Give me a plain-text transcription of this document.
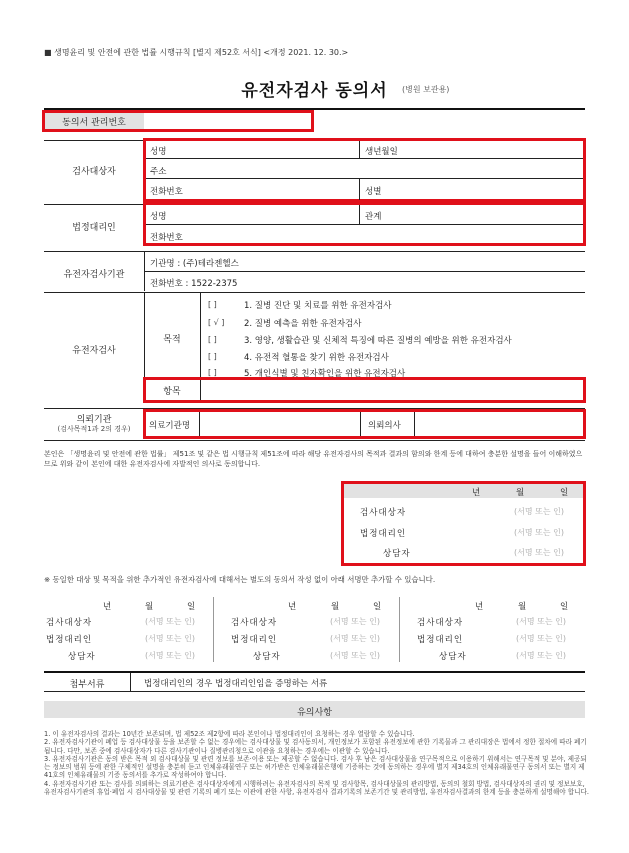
■ 생명윤리 및 안전에 관한 법률 시행규칙 [별지 제52호 서식] <개정 2021. 12. 30.>
유전자검사 동의서	(병원 보관용)
동의서 관리번호
검사대상자
성명	생년월일
주소
전화번호	성별
법정대리인
성명	관계
전화번호
유전자검사기관
기관명 : (주)테라젠헬스
전화번호 : 1522-2375
유전자검사
목적
[ ]	1. 질병 진단 및 치료를 위한 유전자검사
[ √ ] 2. 질병 예측을 위한 유전자검사
[ ]	3. 영양, 생활습관 및 신체적 특징에 따른 질병의 예방을 위한 유전자검사
[ ]	4. 유전적 혈통을 찾기 위한 유전자검사
[ ]	5. 개인식별 및 친자확인을 위한 유전자검사
항목
의뢰기관
(검사목적1과 2의 경우)	의료기관명	의뢰의사
본인은 「생명윤리 및 안전에 관한 법률」 제51조 및 같은 법 시행규칙 제51조에 따라 해당 유전자검사의 목적과 결과의 함의와 한계 등에 대하여 충분한 설명을 들어 이해하였으므로 위와 같이 본인에 대한 유전자검사에 자발적인 의사로 동의합니다.
년	월	일
검사대상자	(서명 또는 인)
법정대리인	(서명 또는 인)
상담자	(서명 또는 인)
※ 동일한 대상 및 목적을 위한 추가적인 유전자검사에 대해서는 별도의 동의서 작성 없이 아래 서명만 추가할 수 있습니다.
년	월	일
검사대상자	(서명 또는 인)
법정대리인	(서명 또는 인)
상담자	(서명 또는 인)
년	월	일
검사대상자	(서명 또는 인)
법정대리인	(서명 또는 인)
상담자	(서명 또는 인)
년	월	일
검사대상자	(서명 또는 인)
법정대리인	(서명 또는 인)
상담자	(서명 또는 인)
첨부서류	법정대리인의 경우 법정대리인임을 증명하는 서류
유의사항

1. 이 유전자검사의 결과는 10년간 보존되며, 법 제52조 제2항에 따라 본인이나 법정대리인이 요청하는 경우 열람할 수 있습니다.

2. 유전자검사기관이 폐업 등 검사대상물 등을 보존할 수 없는 경우에는 검사대상물 및 검사동의서, 개인정보가 포함된 유전정보에 관한 기록물과 그 관리대장은 법에서 정한 절차에 따라 폐기됩니다. 다만, 보존 중에 검사대상자가 다른 검사기관이나 질병관리청으로 이관을 요청하는 경우에는 이관할 수 있습니다.

3. 유전자검사기관은 동의 받은 목적 외 검사대상물 및 관련 정보를 보존·이용 또는 제공할 수 없습니다. 검사 후 남은 검사대상물을 연구목적으로 이용하기 위해서는 연구목적 및 분야, 제공되는 정보의 범위 등에 관한 구체적인 설명을 충분히 듣고 인체유래물연구 또는 허가받은 인체유래물은행에 기증하는 것에 동의하는 경우에 별지 제34호의 인체유래물연구 동의서 또는 별지 제41호의 인체유래물의 기증 동의서를 추가로 작성하여야 합니다.

4. 유전자검사기관 또는 검사를 의뢰하는 의료기관은 검사대상자에게 시행하려는 유전자검사의 목적 및 검사항목, 검사대상물의 관리방법, 동의의 철회 방법, 검사대상자의 권리 및 정보보호, 유전자검사기관의 휴업·폐업 시 검사대상물 및 관련 기록의 폐기 또는 이관에 관한 사항, 유전자검사 결과기록의 보존기간 및 관리방법, 유전자검사결과의 한계 등을 충분하게 설명해야 합니다.
